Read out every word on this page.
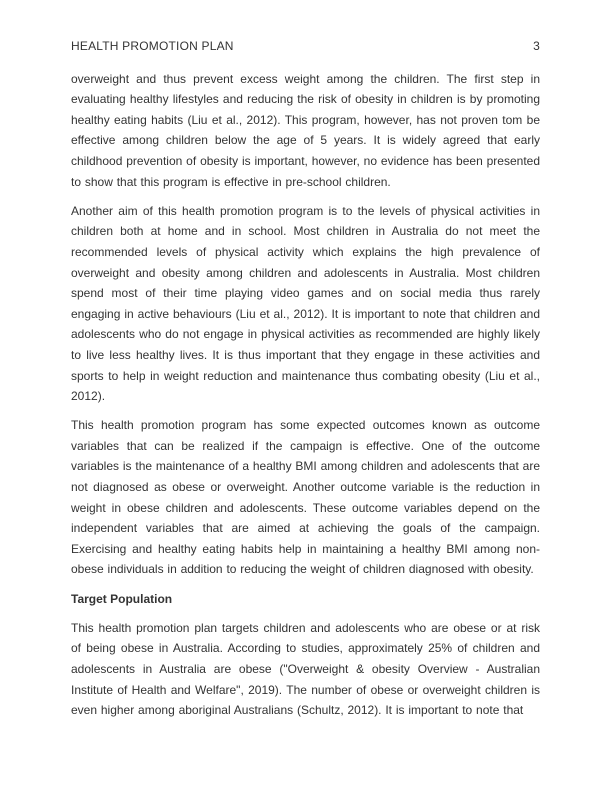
HEALTH PROMOTION PLAN	3

overweight and thus prevent excess weight among the children. The first step in evaluating healthy lifestyles and reducing the risk of obesity in children is by promoting healthy eating habits (Liu et al., 2012). This program, however, has not proven tom be effective among children below the age of 5 years. It is widely agreed that early childhood prevention of obesity is important, however, no evidence has been presented to show that this program is effective in pre-school children.

Another aim of this health promotion program is to the levels of physical activities in children both at home and in school. Most children in Australia do not meet the recommended levels of physical activity which explains the high prevalence of overweight and obesity among children and adolescents in Australia. Most children spend most of their time playing video games and on social media thus rarely engaging in active behaviours (Liu et al., 2012). It is important to note that children and adolescents who do not engage in physical activities as recommended are highly likely to live less healthy lives. It is thus important that they engage in these activities and sports to help in weight reduction and maintenance thus combating obesity (Liu et al., 2012).

This health promotion program has some expected outcomes known as outcome variables that can be realized if the campaign is effective. One of the outcome variables is the maintenance of a healthy BMI among children and adolescents that are not diagnosed as obese or overweight. Another outcome variable is the reduction in weight in obese children and adolescents. These outcome variables depend on the independent variables that are aimed at achieving the goals of the campaign. Exercising and healthy eating habits help in maintaining a healthy BMI among non-obese individuals in addition to reducing the weight of children diagnosed with obesity.

Target Population

This health promotion plan targets children and adolescents who are obese or at risk of being obese in Australia. According to studies, approximately 25% of children and adolescents in Australia are obese ("Overweight & obesity Overview - Australian Institute of Health and Welfare", 2019). The number of obese or overweight children is even higher among aboriginal Australians (Schultz, 2012). It is important to note that
